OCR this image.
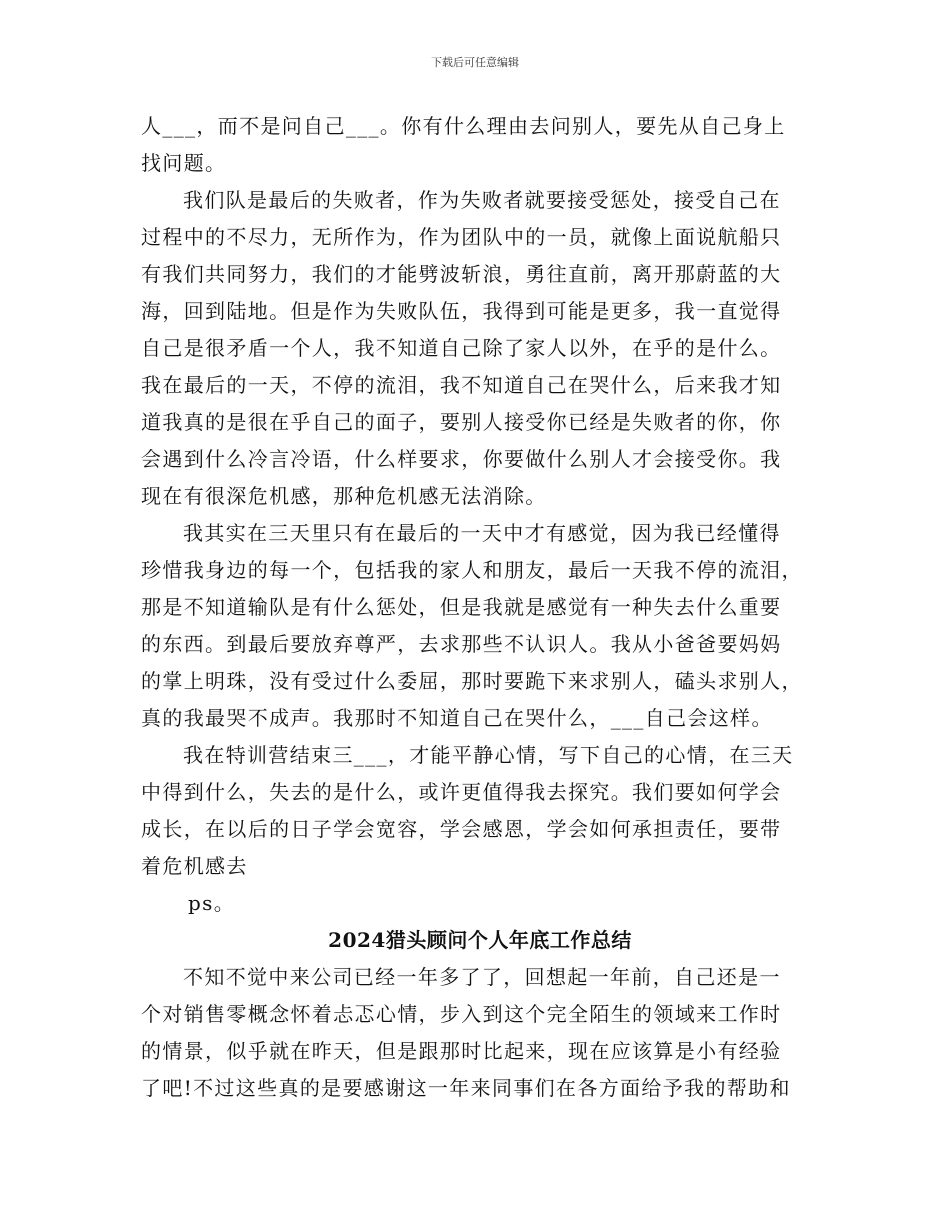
下载后可任意编辑
人___，而不是问自己___。你有什么理由去问别人，要先从自己身上
找问题。
我们队是最后的失败者，作为失败者就要接受惩处，接受自己在
过程中的不尽力，无所作为，作为团队中的一员，就像上面说航船只
有我们共同努力，我们的才能劈波斩浪，勇往直前，离开那蔚蓝的大
海，回到陆地。但是作为失败队伍，我得到可能是更多，我一直觉得
自己是很矛盾一个人，我不知道自己除了家人以外，在乎的是什么。
我在最后的一天，不停的流泪，我不知道自己在哭什么，后来我才知
道我真的是很在乎自己的面子，要别人接受你已经是失败者的你，你
会遇到什么冷言冷语，什么样要求，你要做什么别人才会接受你。我
现在有很深危机感，那种危机感无法消除。
我其实在三天里只有在最后的一天中才有感觉，因为我已经懂得
珍惜我身边的每一个，包括我的家人和朋友，最后一天我不停的流泪，
那是不知道输队是有什么惩处，但是我就是感觉有一种失去什么重要
的东西。到最后要放弃尊严，去求那些不认识人。我从小爸爸要妈妈
的掌上明珠，没有受过什么委屈，那时要跪下来求别人，磕头求别人，
真的我最哭不成声。我那时不知道自己在哭什么，___自己会这样。
我在特训营结束三___，才能平静心情，写下自己的心情，在三天
中得到什么，失去的是什么，或许更值得我去探究。我们要如何学会
成长，在以后的日子学会宽容，学会感恩，学会如何承担责任，要带
着危机感去
ps。
2024猎头顾问个人年底工作总结
不知不觉中来公司已经一年多了了，回想起一年前，自己还是一
个对销售零概念怀着忐忑心情，步入到这个完全陌生的领域来工作时
的情景，似乎就在昨天，但是跟那时比起来，现在应该算是小有经验
了吧!不过这些真的是要感谢这一年来同事们在各方面给予我的帮助和
